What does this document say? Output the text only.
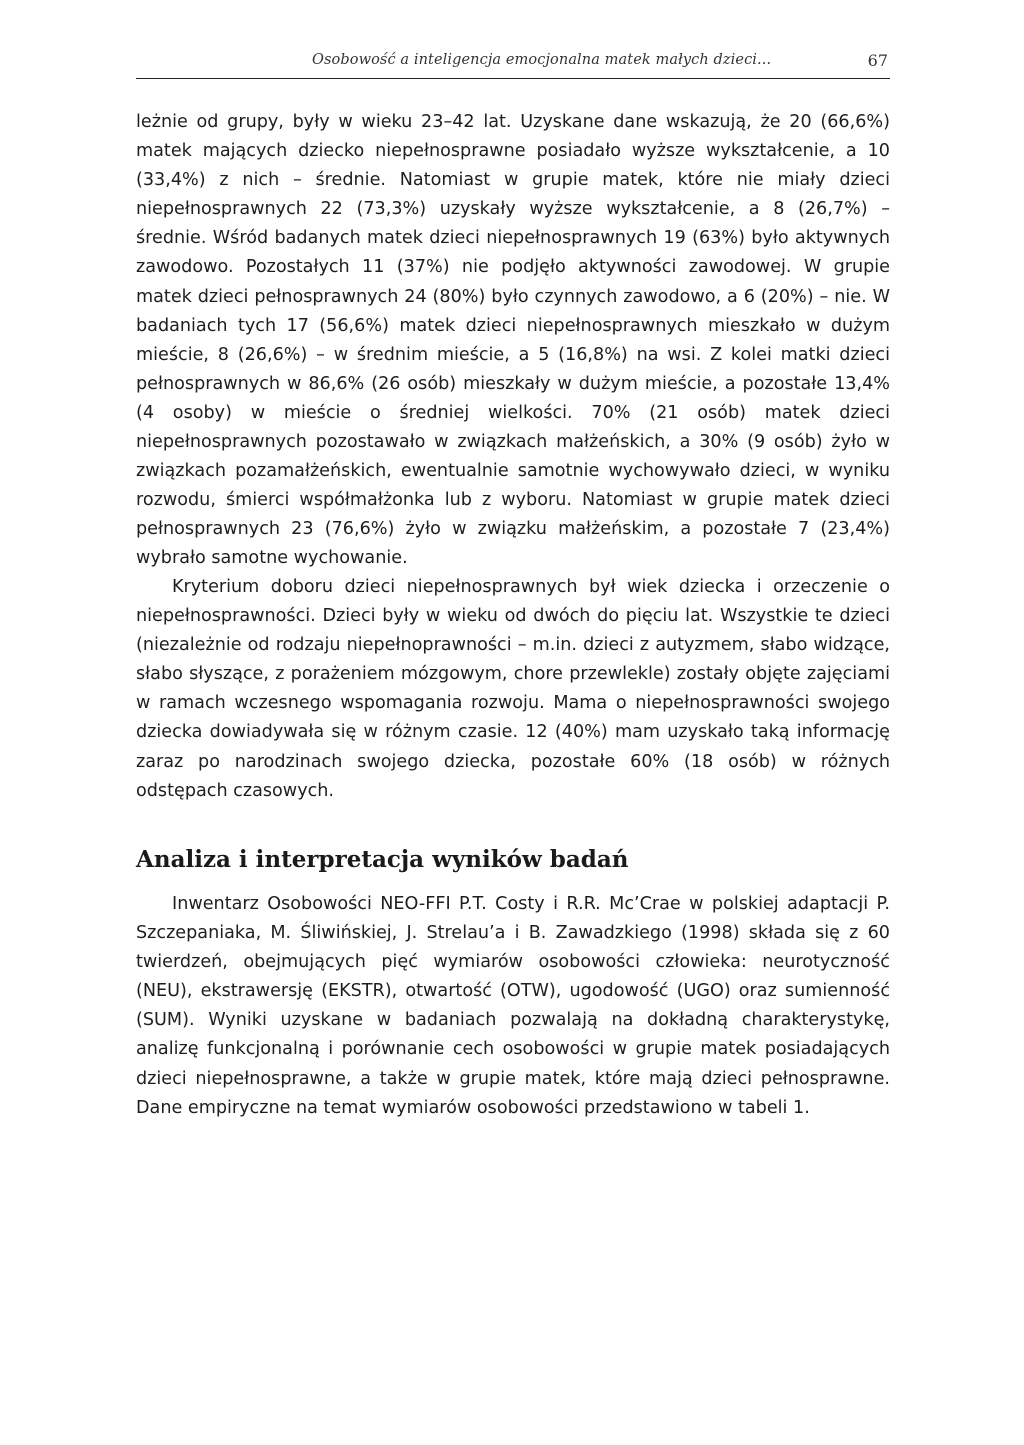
Osobowość a inteligencja emocjonalna matek małych dzieci...	67

leżnie od grupy, były w wieku 23–42 lat. Uzyskane dane wskazują, że 20 (66,6%) matek mających dziecko niepełnosprawne posiadało wyższe wykształcenie, a 10 (33,4%) z nich – średnie. Natomiast w grupie matek, które nie miały dzieci niepełnosprawnych 22 (73,3%) uzyskały wyższe wykształcenie, a 8 (26,7%) – średnie. Wśród badanych matek dzieci niepełnosprawnych 19 (63%) było aktywnych zawodowo. Pozostałych 11 (37%) nie podjęło aktywności zawodowej. W grupie matek dzieci pełnosprawnych 24 (80%) było czynnych zawodowo, a 6 (20%) – nie. W badaniach tych 17 (56,6%) matek dzieci niepełnosprawnych mieszkało w dużym mieście, 8 (26,6%) – w średnim mieście, a 5 (16,8%) na wsi. Z kolei matki dzieci pełnosprawnych w 86,6% (26 osób) mieszkały w dużym mieście, a pozostałe 13,4% (4 osoby) w mieście o średniej wielkości. 70% (21 osób) matek dzieci niepełnosprawnych pozostawało w związkach małżeńskich, a 30% (9 osób) żyło w związkach pozamałżeńskich, ewentualnie samotnie wychowywało dzieci, w wyniku rozwodu, śmierci współmałżonka lub z wyboru. Natomiast w grupie matek dzieci pełnosprawnych 23 (76,6%) żyło w związku małżeńskim, a pozostałe 7 (23,4%) wybrało samotne wychowanie.

Kryterium doboru dzieci niepełnosprawnych był wiek dziecka i orzeczenie o niepełnosprawności. Dzieci były w wieku od dwóch do pięciu lat. Wszystkie te dzieci (niezależnie od rodzaju niepełnoprawności – m.in. dzieci z autyzmem, słabo widzące, słabo słyszące, z porażeniem mózgowym, chore przewlekle) zostały objęte zajęciami w ramach wczesnego wspomagania rozwoju. Mama o niepełnosprawności swojego dziecka dowiadywała się w różnym czasie. 12 (40%) mam uzyskało taką informację zaraz po narodzinach swojego dziecka, pozostałe 60% (18 osób) w różnych odstępach czasowych.

Analiza i interpretacja wyników badań

Inwentarz Osobowości NEO-FFI P.T. Costy i R.R. Mc’Crae w polskiej adaptacji P. Szczepaniaka, M. Śliwińskiej, J. Strelau’a i B. Zawadzkiego (1998) składa się z 60 twierdzeń, obejmujących pięć wymiarów osobowości człowieka: neurotyczność (NEU), ekstrawersję (EKSTR), otwartość (OTW), ugodowość (UGO) oraz sumienność (SUM). Wyniki uzyskane w badaniach pozwalają na dokładną charakterystykę, analizę funkcjonalną i porównanie cech osobowości w grupie matek posiadających dzieci niepełnosprawne, a także w grupie matek, które mają dzieci pełnosprawne. Dane empiryczne na temat wymiarów osobowości przedstawiono w tabeli 1.
